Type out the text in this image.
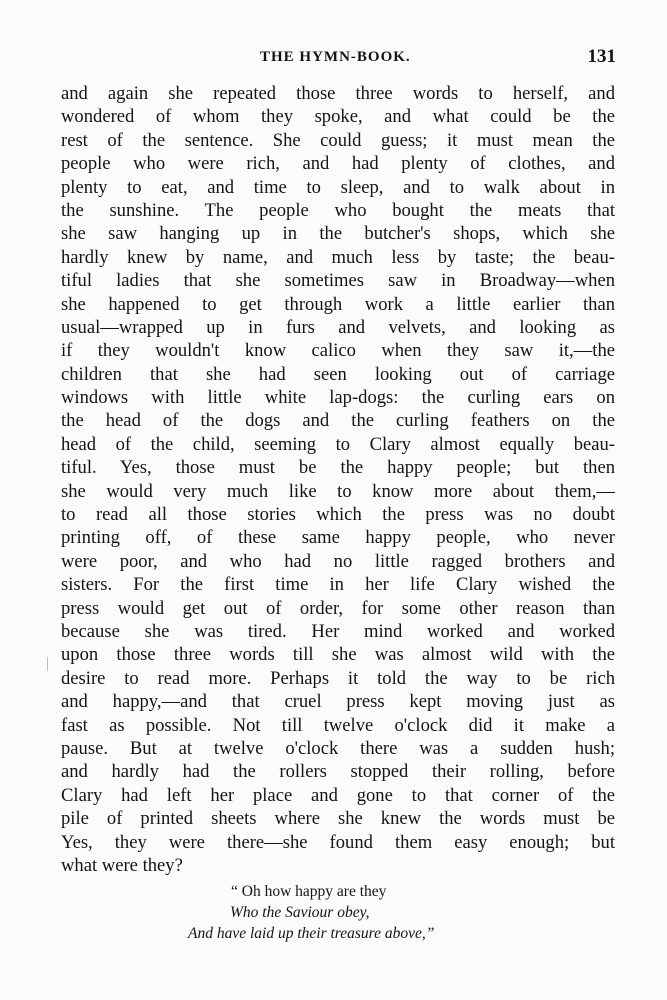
THE HYMN-BOOK.	131
and again she repeated those three words to herself, and
wondered of whom they spoke, and what could be the
rest of the sentence. She could guess; it must mean the
people who were rich, and had plenty of clothes, and
plenty to eat, and time to sleep, and to walk about in
the sunshine. The people who bought the meats that
she saw hanging up in the butcher's shops, which she
hardly knew by name, and much less by taste; the beau-
tiful ladies that she sometimes saw in Broadway—when
she happened to get through work a little earlier than
usual—wrapped up in furs and velvets, and looking as
if they wouldn't know calico when they saw it,—the
children that she had seen looking out of carriage
windows with little white lap-dogs: the curling ears on
the head of the dogs and the curling feathers on the
head of the child, seeming to Clary almost equally beau-
tiful. Yes, those must be the happy people; but then
she would very much like to know more about them,—
to read all those stories which the press was no doubt
printing off, of these same happy people, who never
were poor, and who had no little ragged brothers and
sisters. For the first time in her life Clary wished the
press would get out of order, for some other reason than
because she was tired. Her mind worked and worked
upon those three words till she was almost wild with the
desire to read more. Perhaps it told the way to be rich
and happy,—and that cruel press kept moving just as
fast as possible. Not till twelve o'clock did it make a
pause. But at twelve o'clock there was a sudden hush;
and hardly had the rollers stopped their rolling, before
Clary had left her place and gone to that corner of the
pile of printed sheets where she knew the words must be
Yes, they were there—she found them easy enough; but
what were they?
“ Oh how happy are they
Who the Saviour obey,
And have laid up their treasure above,”
